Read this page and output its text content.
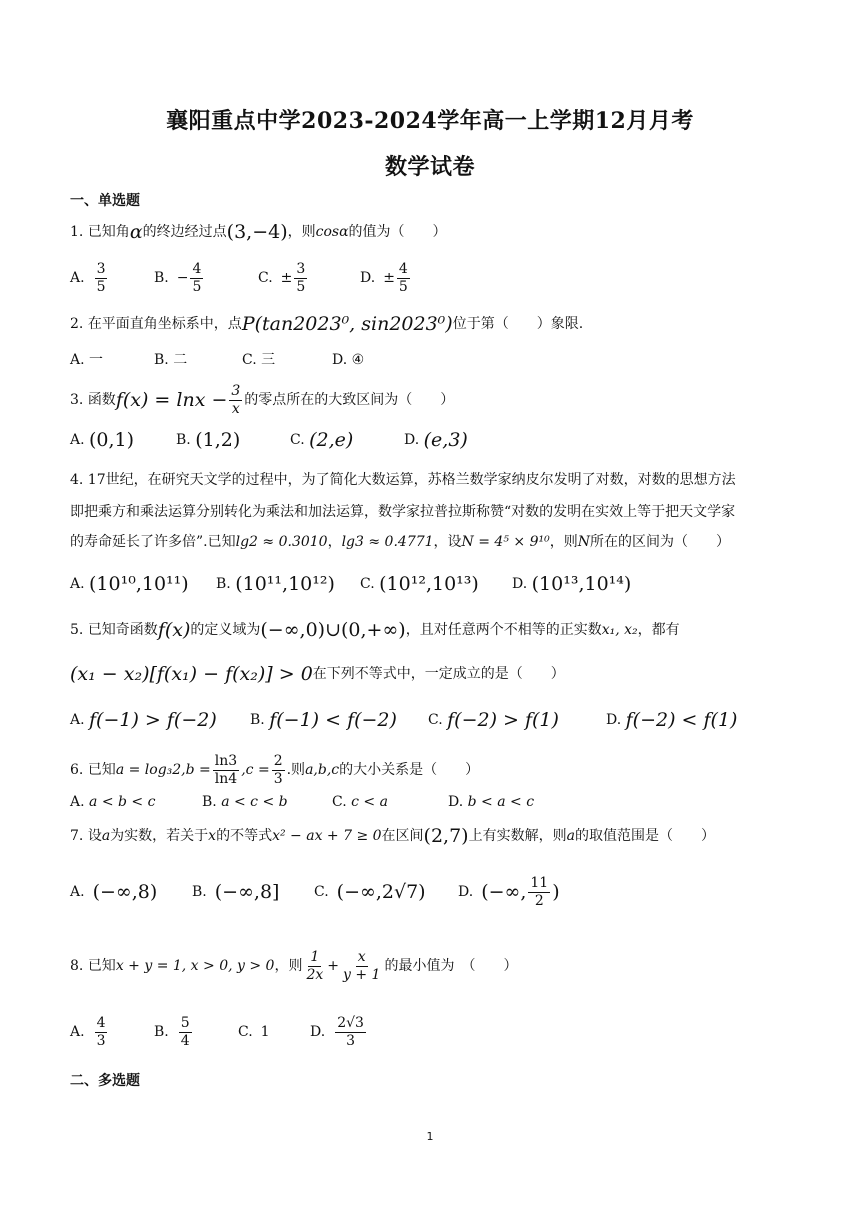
襄阳重点中学2023-2024学年高一上学期12月月考
数学试卷
一、单选题
1. 已知角α的终边经过点(3,−4)，则cosα的值为（　　）
A. $\frac{3}{5}$	B. − $\frac{4}{5}$	C. ± $\frac{3}{5}$	D. ± $\frac{4}{5}$
2. 在平面直角坐标系中，点P(tan2023⁰, sin2023⁰)位于第（　　）象限.
A. 一	B. 二	C. 三	D. ④
3. 函数$f(x) = \ln x - \frac{3}{x}$ 的零点所在的大致区间为（　　）
A. (0,1)	B. (1,2)	C. (2,e)	D. (e,3)
4. 17世纪，在研究天文学的过程中，为了简化大数运算，苏格兰数学家纳皮尔发明了对数，对数的思想方法
即把乘方和乘法运算分别转化为乘法和加法运算，数学家拉普拉斯称赞“对数的发明在实效上等于把天文学家
的寿命延长了许多倍”.已知lg2 ≈ 0.3010，lg3 ≈ 0.4771，设N = 4⁵ × 9¹⁰，则N所在的区间为（　　）
A. (10¹⁰,10¹¹) B. (10¹¹,10¹²) C. (10¹²,10¹³) D. (10¹³,10¹⁴)
5. 已知奇函数f(x)的定义域为(−∞,0)∪(0,+∞)，且对任意两个不相等的正实数x₁, x₂，都有
(x₁ − x₂)[f(x₁) − f(x₂)] > 0在下列不等式中，一定成立的是（　　）
A. f(−1) > f(−2) B. f(−1) < f(−2) C. f(−2) > f(1)	D. f(−2) < f(1)
6. 已知$a = \log_32,b = \frac{\ln 3}{\ln 4} ,c = \frac{2}{3}$ .则a,b,c的大小关系是（　　）
A. a < b < c	B. a < c < b	C. c < a	D. b < a < c
7. 设a为实数，若关于x的不等式x² − ax + 7 ≥ 0在区间(2,7)上有实数解，则a的取值范围是（　　）
A. (−∞,8) B. (−∞,8] C. (−∞,2√7) D. (−∞, $\frac{11}{2}$ )
8. 已知x + y = 1, x > 0, y > 0，则 $\frac{1}{2x} + \frac{x}{y + 1}$ 的最小值为　（　　）
A. $\frac{4}{3}$	B. $\frac{5}{4}$	C. 1	D. $\frac{2√3}{3}$
二、多选题
1
